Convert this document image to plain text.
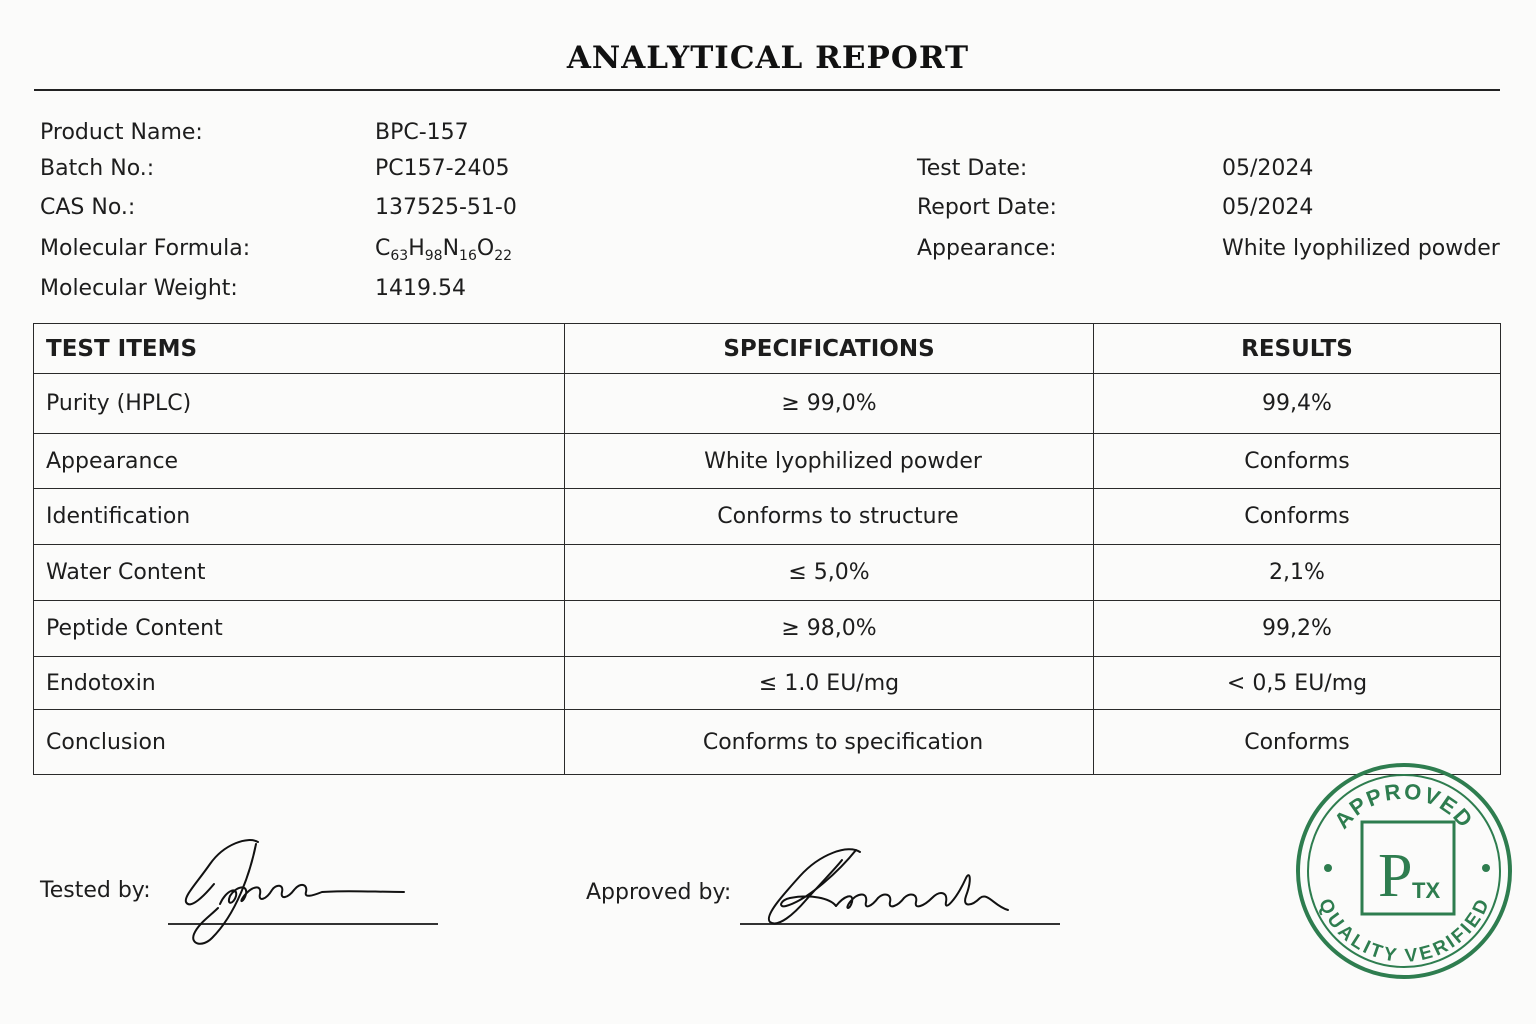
ANALYTICAL REPORT
Product Name:	BPC-157
Batch No.:	PC157-2405
CAS No.:	137525-51-0
Molecular Formula:	$C_{63}H_{98}N_{16}O_{22}$
Molecular Weight:	1419.54
Test Date:	05/2024
Report Date:	05/2024
Appearance:	White lyophilized powder
TEST ITEMS	SPECIFICATIONS	RESULTS
Purity (HPLC)	≥ 99,0%	99,4%
Appearance	White lyophilized powder	Conforms
Identification	Conforms to structure	Conforms
Water Content	≤ 5,0%	2,1%
Peptide Content	≥ 98,0%	99,2%
Endotoxin	≤ 1.0 EU/mg	< 0,5 EU/mg
Conclusion	Conforms to specification	Conforms
Tested by:	Approved by:
APPROVED
QUALITY VERIFIED
P TX
